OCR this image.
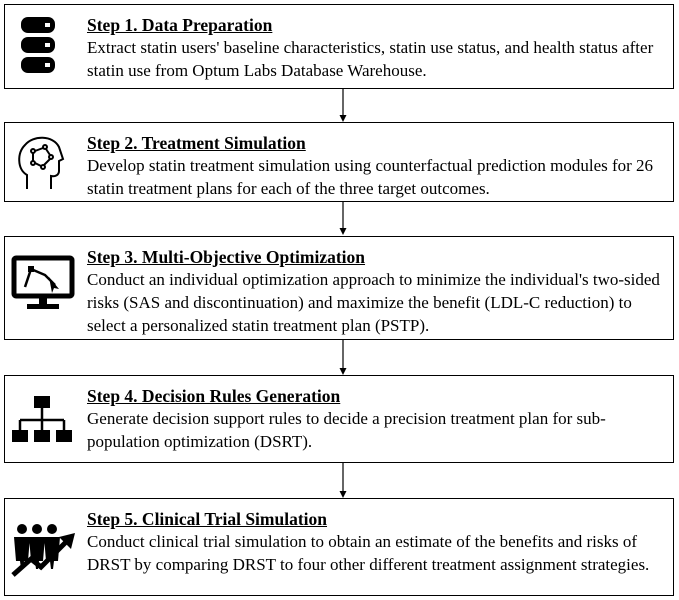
Step 1. Data Preparation
Extract statin users' baseline characteristics, statin use status, and health status after statin use from Optum Labs Database Warehouse.
Step 2. Treatment Simulation
Develop statin treatment simulation using counterfactual prediction modules for 26 statin treatment plans for each of the three target outcomes.
Step 3. Multi-Objective Optimization
Conduct an individual optimization approach to minimize the individual's two-sided risks (SAS and discontinuation) and maximize the benefit (LDL-C reduction) to select a personalized statin treatment plan (PSTP).
Step 4. Decision Rules Generation
Generate decision support rules to decide a precision treatment plan for sub-population optimization (DSRT).
Step 5. Clinical Trial Simulation
Conduct clinical trial simulation to obtain an estimate of the benefits and risks of DRST by comparing DRST to four other different treatment assignment strategies.
